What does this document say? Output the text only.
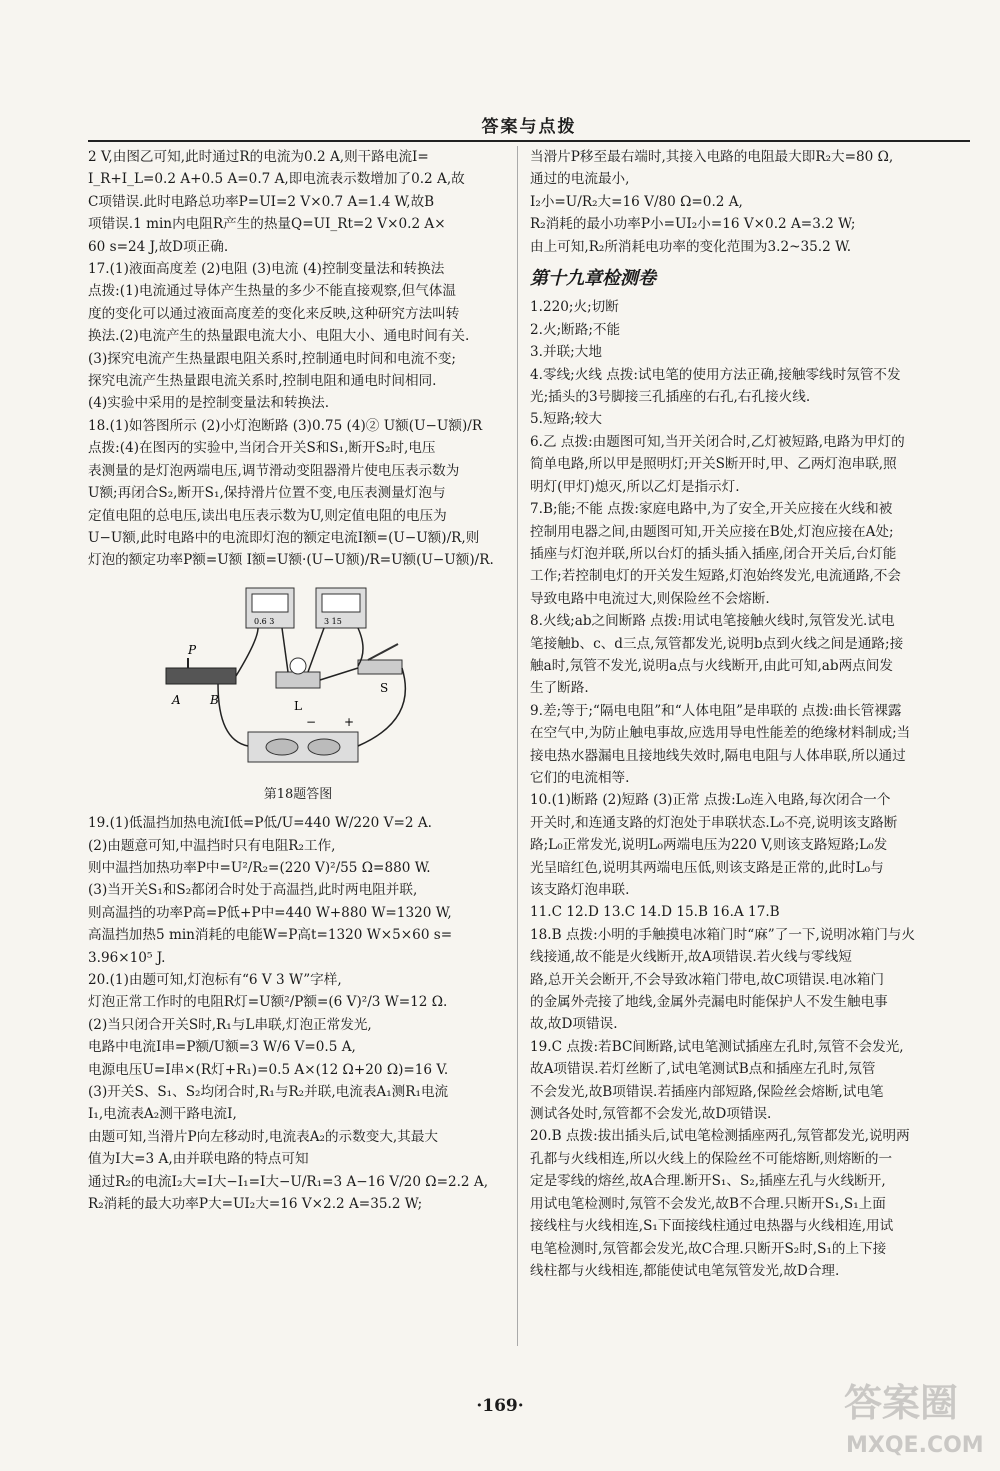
答案与点拨
2 V,由图乙可知,此时通过R的电流为0.2 A,则干路电流I=
I_R+I_L=0.2 A+0.5 A=0.7 A,即电流表示数增加了0.2 A,故
C项错误.此时电路总功率P=UI=2 V×0.7 A=1.4 W,故B
项错误.1 min内电阻R产生的热量Q=UI_Rt=2 V×0.2 A×
60 s=24 J,故D项正确.
17.(1)液面高度差 (2)电阻 (3)电流 (4)控制变量法和转换法
点拨:(1)电流通过导体产生热量的多少不能直接观察,但气体温
度的变化可以通过液面高度差的变化来反映,这种研究方法叫转
换法.(2)电流产生的热量跟电流大小、电阻大小、通电时间有关.
(3)探究电流产生热量跟电阻关系时,控制通电时间和电流不变;
探究电流产生热量跟电流关系时,控制电阻和通电时间相同.
(4)实验中采用的是控制变量法和转换法.
18.(1)如答图所示 (2)小灯泡断路 (3)0.75 (4)② U额(U−U额)/R
点拨:(4)在图丙的实验中,当闭合开关S和S₁,断开S₂时,电压
表测量的是灯泡两端电压,调节滑动变阻器滑片使电压表示数为
U额;再闭合S₂,断开S₁,保持滑片位置不变,电压表测量灯泡与
定值电阻的总电压,读出电压表示数为U,则定值电阻的电压为
U−U额,此时电路中的电流即灯泡的额定电流I额=(U−U额)/R,则
灯泡的额定功率P额=U额 I额=U额·(U−U额)/R=U额(U−U额)/R.
0.6 3	3 15
P
A B	L
S
− +
第18题答图
19.(1)低温挡加热电流I低=P低/U=440 W/220 V=2 A.
(2)由题意可知,中温挡时只有电阻R₂工作,
则中温挡加热功率P中=U²/R₂=(220 V)²/55 Ω=880 W.
(3)当开关S₁和S₂都闭合时处于高温挡,此时两电阻并联,
则高温挡的功率P高=P低+P中=440 W+880 W=1320 W,
高温挡加热5 min消耗的电能W=P高t=1320 W×5×60 s=
3.96×10⁵ J.
20.(1)由题可知,灯泡标有“6 V 3 W”字样,
灯泡正常工作时的电阻R灯=U额²/P额=(6 V)²/3 W=12 Ω.
(2)当只闭合开关S时,R₁与L串联,灯泡正常发光,
电路中电流I串=P额/U额=3 W/6 V=0.5 A,
电源电压U=I串×(R灯+R₁)=0.5 A×(12 Ω+20 Ω)=16 V.
(3)开关S、S₁、S₂均闭合时,R₁与R₂并联,电流表A₁测R₁电流
I₁,电流表A₂测干路电流I,
由题可知,当滑片P向左移动时,电流表A₂的示数变大,其最大
值为I大=3 A,由并联电路的特点可知
通过R₂的电流I₂大=I大−I₁=I大−U/R₁=3 A−16 V/20 Ω=2.2 A,
R₂消耗的最大功率P大=UI₂大=16 V×2.2 A=35.2 W;
当滑片P移至最右端时,其接入电路的电阻最大即R₂大=80 Ω,
通过的电流最小,
I₂小=U/R₂大=16 V/80 Ω=0.2 A,
R₂消耗的最小功率P小=UI₂小=16 V×0.2 A=3.2 W;
由上可知,R₂所消耗电功率的变化范围为3.2~35.2 W.
第十九章检测卷
1.220;火;切断
2.火;断路;不能
3.并联;大地
4.零线;火线 点拨:试电笔的使用方法正确,接触零线时氖管不发
光;插头的3号脚接三孔插座的右孔,右孔接火线.
5.短路;较大
6.乙 点拨:由题图可知,当开关闭合时,乙灯被短路,电路为甲灯的
简单电路,所以甲是照明灯;开关S断开时,甲、乙两灯泡串联,照
明灯(甲灯)熄灭,所以乙灯是指示灯.
7.B;能;不能 点拨:家庭电路中,为了安全,开关应接在火线和被
控制用电器之间,由题图可知,开关应接在B处,灯泡应接在A处;
插座与灯泡并联,所以台灯的插头插入插座,闭合开关后,台灯能
工作;若控制电灯的开关发生短路,灯泡始终发光,电流通路,不会
导致电路中电流过大,则保险丝不会熔断.
8.火线;ab之间断路 点拨:用试电笔接触火线时,氖管发光.试电
笔接触b、c、d三点,氖管都发光,说明b点到火线之间是通路;接
触a时,氖管不发光,说明a点与火线断开,由此可知,ab两点间发
生了断路.
9.差;等于;“隔电电阻”和“人体电阻”是串联的 点拨:曲长管裸露
在空气中,为防止触电事故,应选用导电性能差的绝缘材料制成;当
接电热水器漏电且接地线失效时,隔电电阻与人体串联,所以通过
它们的电流相等.
10.(1)断路 (2)短路 (3)正常 点拨:L₀连入电路,每次闭合一个
开关时,和连通支路的灯泡处于串联状态.L₀不亮,说明该支路断
路;L₀正常发光,说明L₀两端电压为220 V,则该支路短路;L₀发
光呈暗红色,说明其两端电压低,则该支路是正常的,此时L₀与
该支路灯泡串联.
11.C 12.D 13.C 14.D 15.B 16.A 17.B
18.B 点拨:小明的手触摸电冰箱门时“麻”了一下,说明冰箱门与火
线接通,故不能是火线断开,故A项错误.若火线与零线短
路,总开关会断开,不会导致冰箱门带电,故C项错误.电冰箱门
的金属外壳接了地线,金属外壳漏电时能保护人不发生触电事
故,故D项错误.
19.C 点拨:若BC间断路,试电笔测试插座左孔时,氖管不会发光,
故A项错误.若灯丝断了,试电笔测试B点和插座左孔时,氖管
不会发光,故B项错误.若插座内部短路,保险丝会熔断,试电笔
测试各处时,氖管都不会发光,故D项错误.
20.B 点拨:拔出插头后,试电笔检测插座两孔,氖管都发光,说明两
孔都与火线相连,所以火线上的保险丝不可能熔断,则熔断的一
定是零线的熔丝,故A合理.断开S₁、S₂,插座左孔与火线断开,
用试电笔检测时,氖管不会发光,故B不合理.只断开S₁,S₁上面
接线柱与火线相连,S₁下面接线柱通过电热器与火线相连,用试
电笔检测时,氖管都会发光,故C合理.只断开S₂时,S₁的上下接
线柱都与火线相连,都能使试电笔氖管发光,故D合理.
·169·	答案圈
MXQE.COM
